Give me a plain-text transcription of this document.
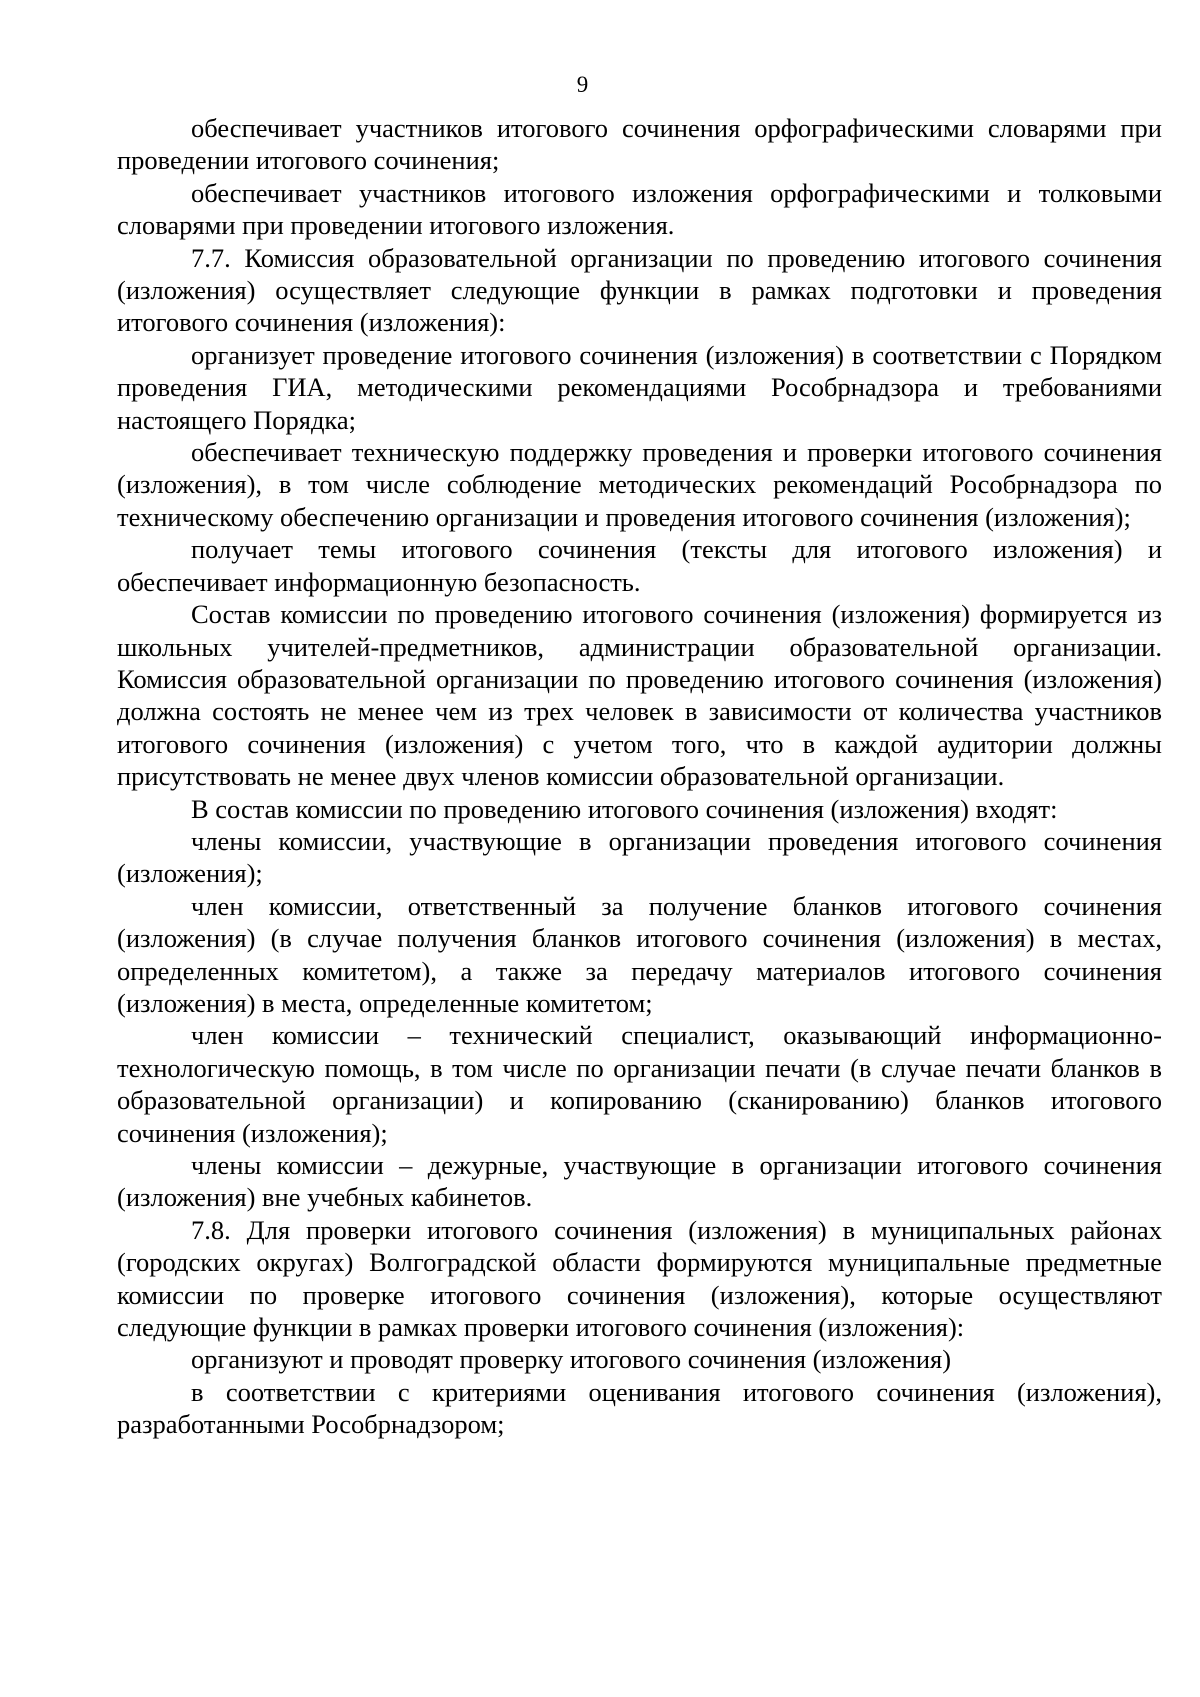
9

обеспечивает участников итогового сочинения орфографическими словарями при проведении итогового сочинения;

обеспечивает участников итогового изложения орфографическими и толковыми словарями при проведении итогового изложения.

7.7. Комиссия образовательной организации по проведению итогового сочинения (изложения) осуществляет следующие функции в рамках подготовки и проведения итогового сочинения (изложения):

организует проведение итогового сочинения (изложения) в соответствии с Порядком проведения ГИА, методическими рекомендациями Рособрнадзора и требованиями настоящего Порядка;

обеспечивает техническую поддержку проведения и проверки итогового сочинения (изложения), в том числе соблюдение методических рекомендаций Рособрнадзора по техническому обеспечению организации и проведения итогового сочинения (изложения);

получает темы итогового сочинения (тексты для итогового изложения) и обеспечивает информационную безопасность.

Состав комиссии по проведению итогового сочинения (изложения) формируется из школьных учителей-предметников, администрации образовательной организации. Комиссия образовательной организации по проведению итогового сочинения (изложения) должна состоять не менее чем из трех человек в зависимости от количества участников итогового сочинения (изложения) с учетом того, что в каждой аудитории должны присутствовать не менее двух членов комиссии образовательной организации.

В состав комиссии по проведению итогового сочинения (изложения) входят:

члены комиссии, участвующие в организации проведения итогового сочинения (изложения);

член комиссии, ответственный за получение бланков итогового сочинения (изложения) (в случае получения бланков итогового сочинения (изложения) в местах, определенных комитетом), а также за передачу материалов итогового сочинения (изложения) в места, определенные комитетом;

член комиссии – технический специалист, оказывающий информационно-технологическую помощь, в том числе по организации печати (в случае печати бланков в образовательной организации) и копированию (сканированию) бланков итогового сочинения (изложения);

члены комиссии – дежурные, участвующие в организации итогового сочинения (изложения) вне учебных кабинетов.

7.8. Для проверки итогового сочинения (изложения) в муниципальных районах (городских округах) Волгоградской области формируются муниципальные предметные комиссии по проверке итогового сочинения (изложения), которые осуществляют следующие функции в рамках проверки итогового сочинения (изложения):

организуют и проводят проверку итогового сочинения (изложения)

в соответствии с критериями оценивания итогового сочинения (изложения), разработанными Рособрнадзором;
